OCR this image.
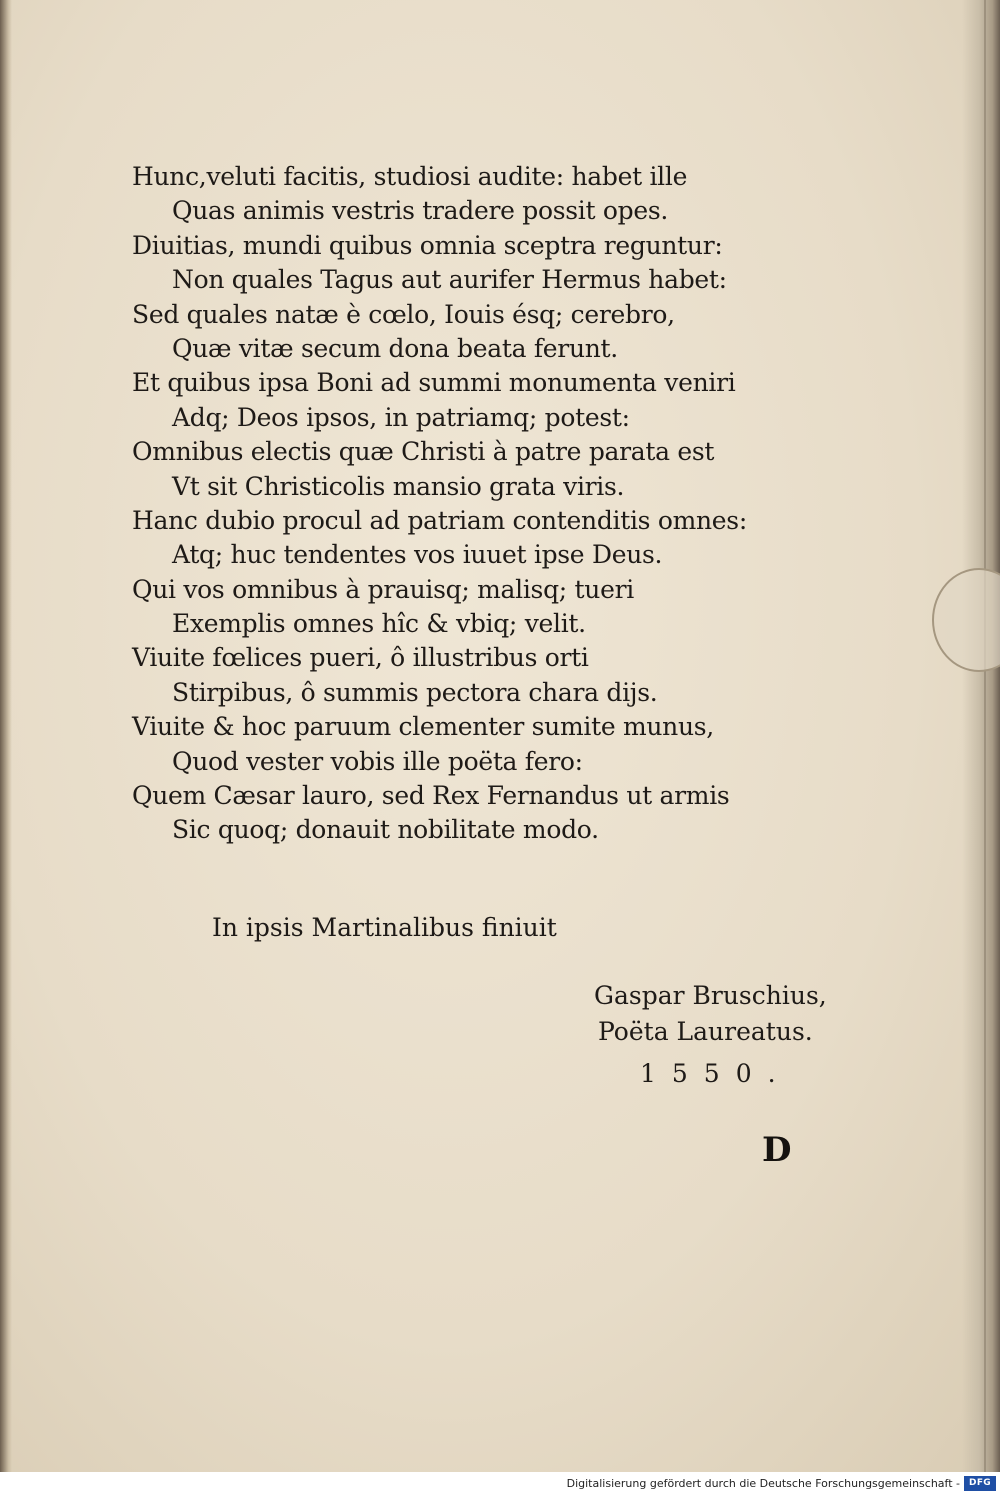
Hunc,veluti facitis, studiosi audite: habet ille
Quas animis vestris tradere possit opes.
Diuitias, mundi quibus omnia sceptra reguntur:
Non quales Tagus aut aurifer Hermus habet:
Sed quales natæ è cœlo, Iouis ésq; cerebro,
Quæ vitæ secum dona beata ferunt.
Et quibus ipsa Boni ad summi monumenta veniri
Adq; Deos ipsos, in patriamq; potest:
Omnibus electis quæ Christi à patre parata est
Vt sit Christicolis mansio grata viris.
Hanc dubio procul ad patriam contenditis omnes:
Atq; huc tendentes vos iuuet ipse Deus.
Qui vos omnibus à prauisq; malisq; tueri
Exemplis omnes hîc & vbiq; velit.
Viuite fœlices pueri, ô illustribus orti
Stirpibus, ô summis pectora chara dijs.
Viuite & hoc paruum clementer sumite munus,
Quod vester vobis ille poëta fero:
Quem Cæsar lauro, sed Rex Fernandus ut armis
Sic quoq; donauit nobilitate modo.
In ipsis Martinalibus finiuit
Gaspar Bruschius,
Poëta Laureatus.
1550.
D
Digitalisierung gefördert durch die Deutsche Forschungsgemeinschaft -	DFG
